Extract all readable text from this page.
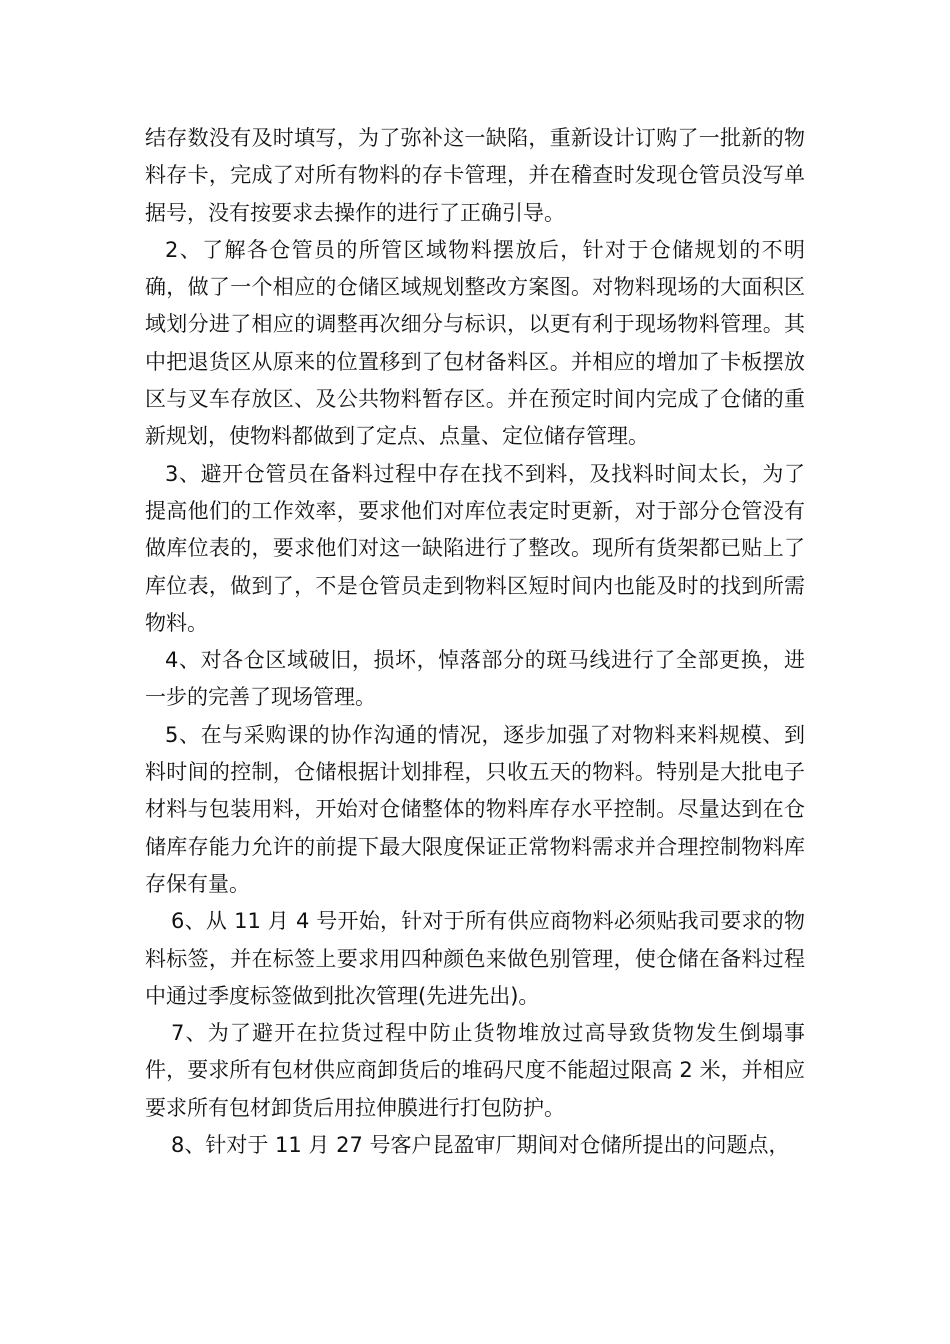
结存数没有及时填写，为了弥补这一缺陷，重新设计订购了一批新的物料存卡，完成了对所有物料的存卡管理，并在稽查时发现仓管员没写单据号，没有按要求去操作的进行了正确引导。

2、了解各仓管员的所管区域物料摆放后，针对于仓储规划的不明确，做了一个相应的仓储区域规划整改方案图。对物料现场的大面积区域划分进了相应的调整再次细分与标识，以更有利于现场物料管理。其中把退货区从原来的位置移到了包材备料区。并相应的增加了卡板摆放区与叉车存放区、及公共物料暂存区。并在预定时间内完成了仓储的重新规划，使物料都做到了定点、点量、定位储存管理。

3、避开仓管员在备料过程中存在找不到料，及找料时间太长，为了提高他们的工作效率，要求他们对库位表定时更新，对于部分仓管没有做库位表的，要求他们对这一缺陷进行了整改。现所有货架都已贴上了库位表，做到了，不是仓管员走到物料区短时间内也能及时的找到所需物料。

4、对各仓区域破旧，损坏，悼落部分的斑马线进行了全部更换，进一步的完善了现场管理。

5、在与采购课的协作沟通的情况，逐步加强了对物料来料规模、到料时间的控制，仓储根据计划排程，只收五天的物料。特别是大批电子材料与包装用料，开始对仓储整体的物料库存水平控制。尽量达到在仓储库存能力允许的前提下最大限度保证正常物料需求并合理控制物料库存保有量。

6、从 11 月 4 号开始，针对于所有供应商物料必须贴我司要求的物料标签，并在标签上要求用四种颜色来做色别管理，使仓储在备料过程中通过季度标签做到批次管理(先进先出)。

7、为了避开在拉货过程中防止货物堆放过高导致货物发生倒塌事件，要求所有包材供应商卸货后的堆码尺度不能超过限高 2 米，并相应要求所有包材卸货后用拉伸膜进行打包防护。

8、针对于 11 月 27 号客户昆盈审厂期间对仓储所提出的问题点，
